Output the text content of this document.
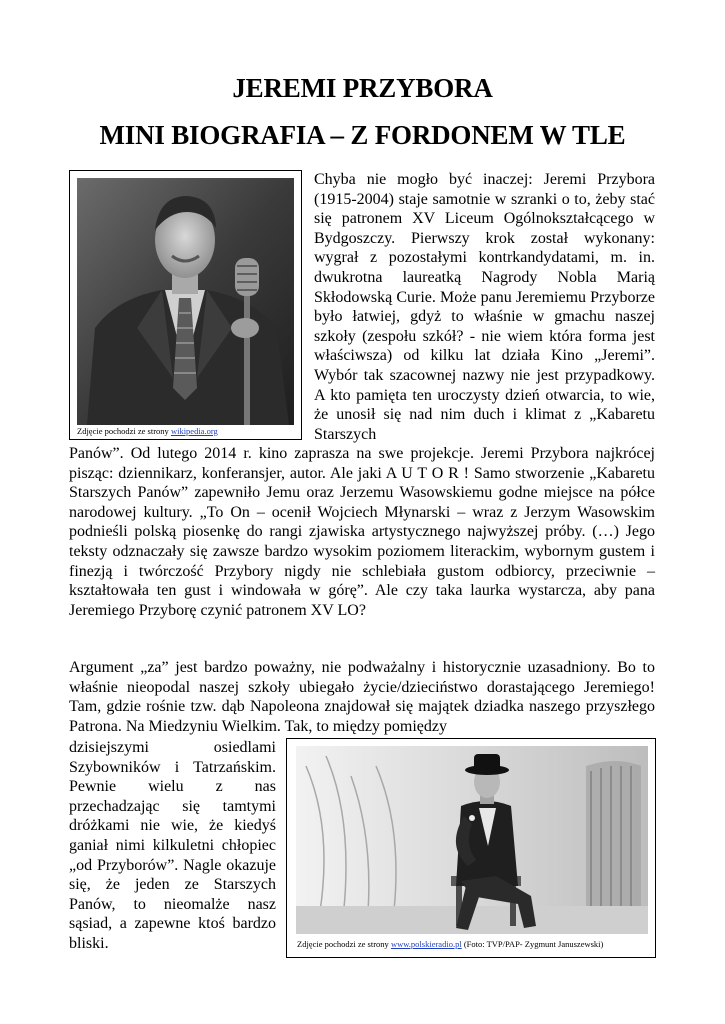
JEREMI PRZYBORA
MINI BIOGRAFIA – Z FORDONEM W TLE
Zdjęcie pochodzi ze strony wikipedia.org

Chyba nie mogło być inaczej: Jeremi Przybora (1915-2004) staje samotnie w szranki o to, żeby stać się patronem XV Liceum Ogólnokształcącego w Bydgoszczy. Pierwszy krok został wykonany: wygrał z pozostałymi kontrkandydatami, m. in. dwukrotna laureatką Nagrody Nobla Marią Skłodowską Curie. Może panu Jeremiemu Przyborze było łatwiej, gdyż to właśnie w gmachu naszej szkoły (zespołu szkół? - nie wiem która forma jest właściwsza) od kilku lat działa Kino „Jeremi”. Wybór tak szacownej nazwy nie jest przypadkowy. A kto pamięta ten uroczysty dzień otwarcia, to wie, że unosił się nad nim duch i klimat z „Kabaretu Starszych

Panów”. Od lutego 2014 r. kino zaprasza na swe projekcje. Jeremi Przybora najkrócej pisząc: dziennikarz, konferansjer, autor. Ale jaki A U T O R ! Samo stworzenie „Kabaretu Starszych Panów” zapewniło Jemu oraz Jerzemu Wasowskiemu godne miejsce na półce narodowej kultury. „To On – ocenił Wojciech Młynarski – wraz z Jerzym Wasowskim podnieśli polską piosenkę do rangi zjawiska artystycznego najwyższej próby. (…) Jego teksty odznaczały się zawsze bardzo wysokim poziomem literackim, wybornym gustem i finezją i twórczość Przybory nigdy nie schlebiała gustom odbiorcy, przeciwnie – kształtowała ten gust i windowała w górę”. Ale czy taka laurka wystarcza, aby pana Jeremiego Przyborę czynić patronem XV LO?

Argument „za” jest bardzo poważny, nie podważalny i historycznie uzasadniony. Bo to właśnie nieopodal naszej szkoły ubiegało życie/dzieciństwo dorastającego Jeremiego! Tam, gdzie rośnie tzw. dąb Napoleona znajdował się majątek dziadka naszego przyszłego Patrona. Na Miedzyniu Wielkim. Tak, to między pomiędzy

Zdjęcie pochodzi ze strony www.polskieradio.pl (Foto: TVP/PAP- Zygmunt Januszewski)

dzisiejszymi osiedlami Szybowników i Tatrzańskim. Pewnie wielu z nas przechadzając się tamtymi dróżkami nie wie, że kiedyś ganiał nimi kilkuletni chłopiec „od Przyborów”. Nagle okazuje się, że jeden ze Starszych Panów, to nieomalże nasz sąsiad, a zapewne ktoś bardzo bliski.
